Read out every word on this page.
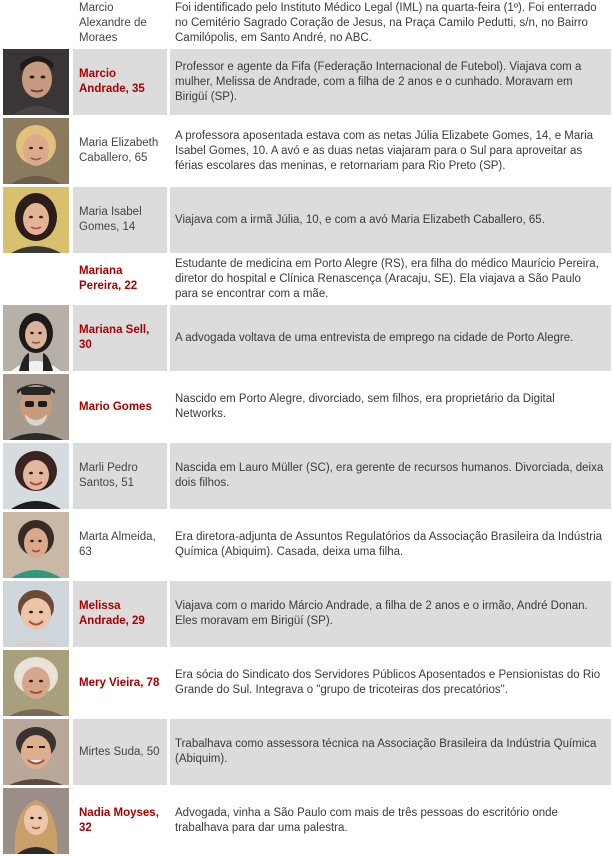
Marcio Alexandre de Moraes
Foi identificado pelo Instituto Médico Legal (IML) na quarta-feira (1º). Foi enterrado no Cemitério Sagrado Coração de Jesus, na Praça Camilo Pedutti, s/n, no Bairro Camilópolis, em Santo André, no ABC.
Marcio Andrade, 35
Professor e agente da Fifa (Federação Internacional de Futebol). Viajava com a mulher, Melissa de Andrade, com a filha de 2 anos e o cunhado. Moravam em Birigüí (SP).
Maria Elizabeth Caballero, 65
A professora aposentada estava com as netas Júlia Elizabete Gomes, 14, e Maria Isabel Gomes, 10. A avó e as duas netas viajaram para o Sul para aproveitar as férias escolares das meninas, e retornariam para Rio Preto (SP).
Maria Isabel Gomes, 14
Viajava com a irmã Júlia, 10, e com a avó Maria Elizabeth Caballero, 65.
Mariana Pereira, 22
Estudante de medicina em Porto Alegre (RS), era filha do médico Maurício Pereira, diretor do hospital e Clínica Renascença (Aracaju, SE). Ela viajava a São Paulo para se encontrar com a mãe.
Mariana Sell, 30
A advogada voltava de uma entrevista de emprego na cidade de Porto Alegre.
Mario Gomes
Nascido em Porto Alegre, divorciado, sem filhos, era proprietário da Digital Networks.
Marli Pedro Santos, 51
Nascida em Lauro Müller (SC), era gerente de recursos humanos. Divorciada, deixa dois filhos.
Marta Almeida, 63
Era diretora-adjunta de Assuntos Regulatórios da Associação Brasileira da Indústria Química (Abiquim). Casada, deixa uma filha.
Melissa Andrade, 29
Viajava com o marido Márcio Andrade, a filha de 2 anos e o irmão, André Donan. Eles moravam em Birigüí (SP).
Mery Vieira, 78
Era sócia do Sindicato dos Servidores Públicos Aposentados e Pensionistas do Rio Grande do Sul. Integrava o "grupo de tricoteiras dos precatórios".
Mirtes Suda, 50
Trabalhava como assessora técnica na Associação Brasileira da Indústria Química (Abiquim).
Nadia Moyses, 32
Advogada, vinha a São Paulo com mais de três pessoas do escritório onde trabalhava para dar uma palestra.
